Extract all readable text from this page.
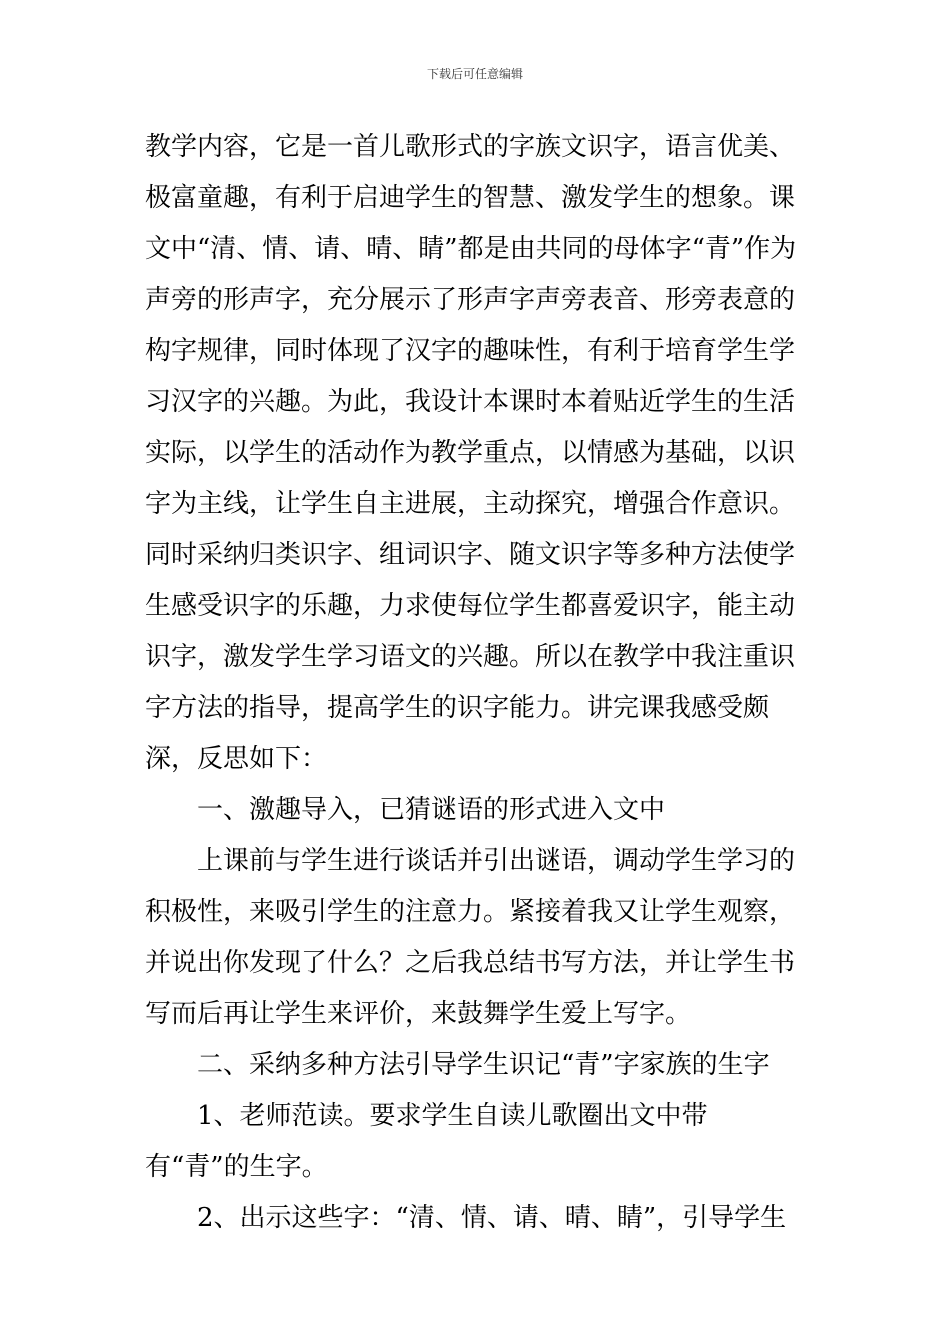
下载后可任意编辑

教学内容，它是一首儿歌形式的字族文识字，语言优美、极富童趣，有利于启迪学生的智慧、激发学生的想象。课文中“清、情、请、晴、睛”都是由共同的母体字“青”作为声旁的形声字，充分展示了形声字声旁表音、形旁表意的构字规律，同时体现了汉字的趣味性，有利于培育学生学习汉字的兴趣。为此，我设计本课时本着贴近学生的生活实际，以学生的活动作为教学重点，以情感为基础，以识字为主线，让学生自主进展，主动探究，增强合作意识。同时采纳归类识字、组词识字、随文识字等多种方法使学生感受识字的乐趣，力求使每位学生都喜爱识字，能主动识字，激发学生学习语文的兴趣。所以在教学中我注重识字方法的指导，提高学生的识字能力。讲完课我感受颇深，反思如下：

一、激趣导入，已猜谜语的形式进入文中

上课前与学生进行谈话并引出谜语，调动学生学习的积极性，来吸引学生的注意力。紧接着我又让学生观察，并说出你发现了什么？之后我总结书写方法，并让学生书写而后再让学生来评价，来鼓舞学生爱上写字。

二、采纳多种方法引导学生识记“青”字家族的生字

1、老师范读。要求学生自读儿歌圈出文中带有“青”的生字。

2、出示这些字：“清、情、请、晴、睛”，引导学生
